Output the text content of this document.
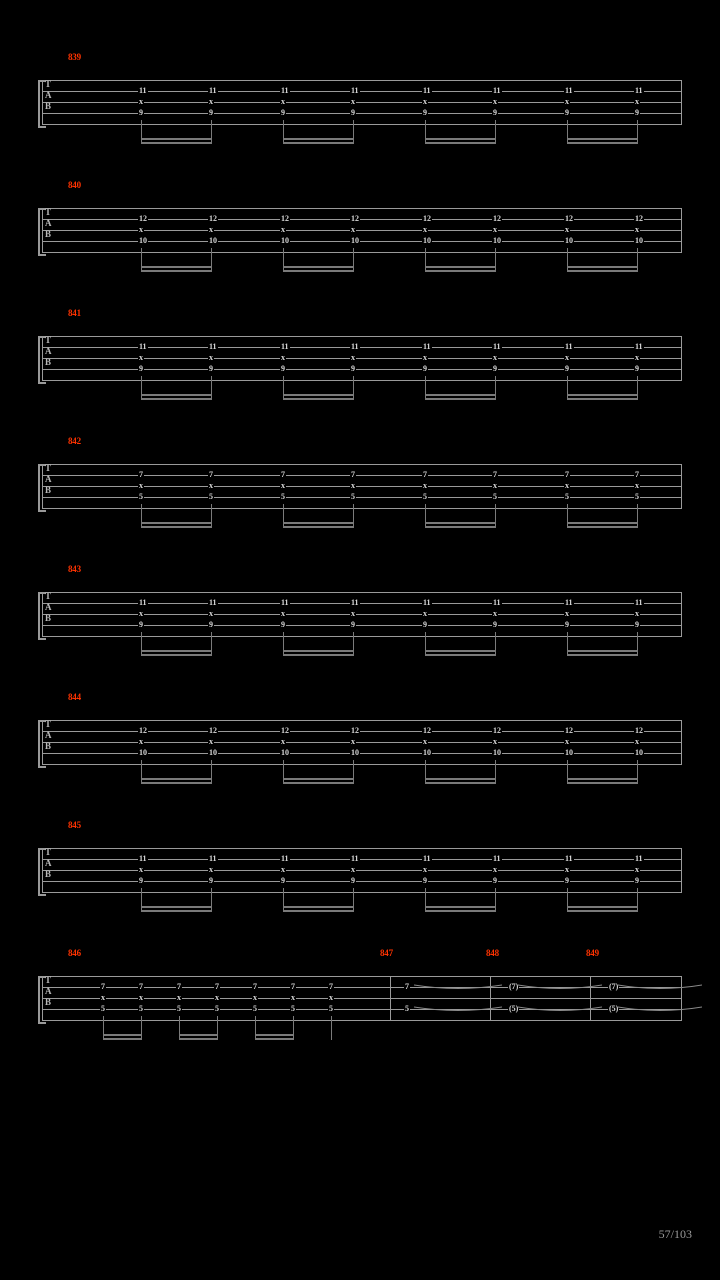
839
T
A
B
11
x
9
11
x
9
11
x
9
11
x
9
11
x
9
11
x
9
11
x
9
11
x
9
840
T
A
B
12
x
10
12
x
10
12
x
10
12
x
10
12
x
10
12
x
10
12
x
10
12
x
10
841
T
A
B
11
x
9
11
x
9
11
x
9
11
x
9
11
x
9
11
x
9
11
x
9
11
x
9
842
T
A
B
7
x
5
7
x
5
7
x
5
7
x
5
7
x
5
7
x
5
7
x
5
7
x
5
843
T
A
B
11
x
9
11
x
9
11
x
9
11
x
9
11
x
9
11
x
9
11
x
9
11
x
9
844
T
A
B
12
x
10
12
x
10
12
x
10
12
x
10
12
x
10
12
x
10
12
x
10
12
x
10
845
T
A
B
11
x
9
11
x
9
11
x
9
11
x
9
11
x
9
11
x
9
11
x
9
11
x
9
846	847	848	849
T
A
B
7
x
5
7
x
5
7
x
5
7
x
5
7
x
5
7
x
5
7
x
5
7
5
(7)
(5)
(7)
(5)
57/103
